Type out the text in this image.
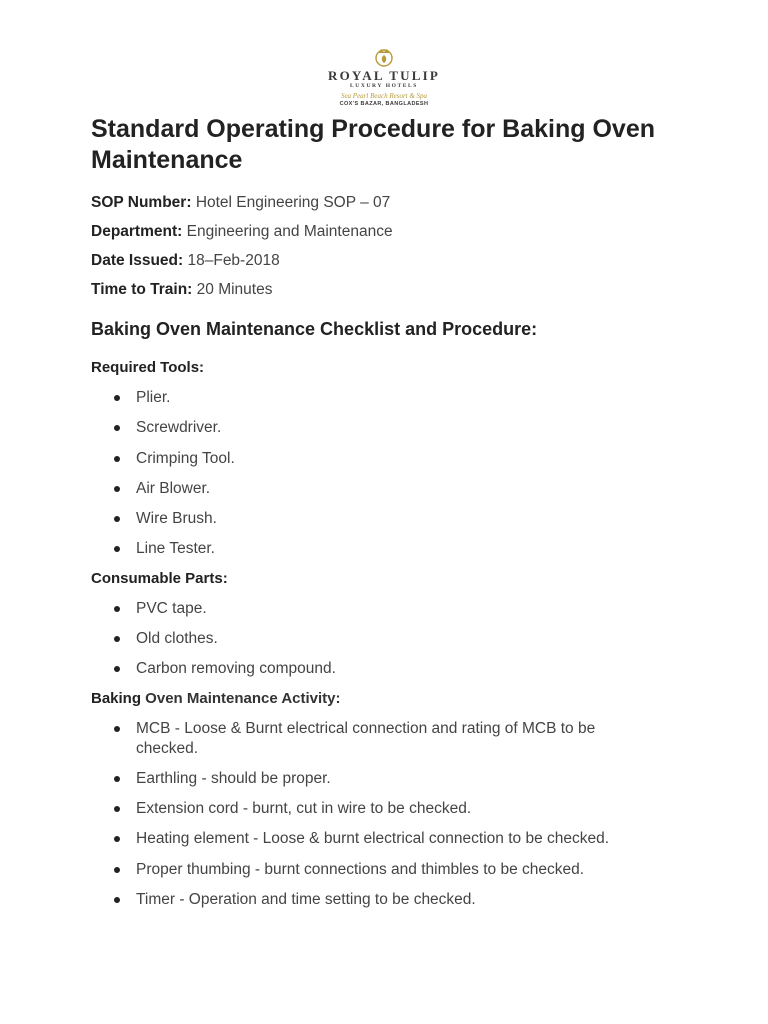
ROYAL TULIP
LUXURY HOTELS
Sea Pearl Beach Resort & Spa
COX'S BAZAR, BANGLADESH
Standard Operating Procedure for Baking Oven Maintenance
SOP Number: Hotel Engineering SOP – 07
Department: Engineering and Maintenance
Date Issued: 18–Feb-2018
Time to Train: 20 Minutes
Baking Oven Maintenance Checklist and Procedure:
Required Tools:
Plier.
Screwdriver.
Crimping Tool.
Air Blower.
Wire Brush.
Line Tester.
Consumable Parts:
PVC tape.
Old clothes.
Carbon removing compound.
Baking Oven Maintenance Activity:
MCB - Loose & Burnt electrical connection and rating of MCB to be checked.
Earthling - should be proper.
Extension cord - burnt, cut in wire to be checked.
Heating element - Loose & burnt electrical connection to be checked.
Proper thumbing - burnt connections and thimbles to be checked.
Timer - Operation and time setting to be checked.
